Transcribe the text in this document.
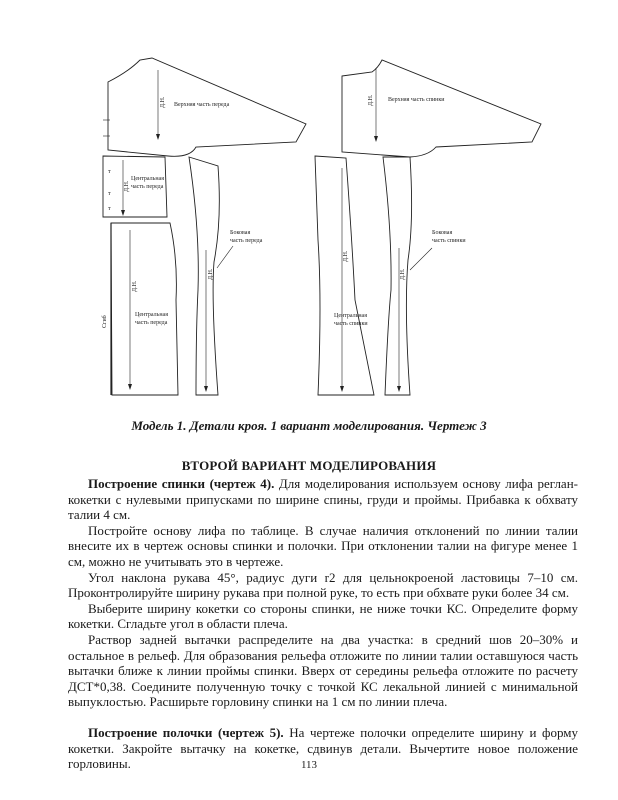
Верхняя часть переда
Верхняя часть спинки
Д.Н.	Д.Н.
Центральная
часть переда
Д.Н.
Боковая
часть переда
Д.Н.
Боковая
часть спинки
Д.Н.
Центральная
часть переда
Д.Н.
Сгиб	Центральная
часть спинки
Д.Н.
т
т
т
Модель 1. Детали кроя. 1 вариант моделирования. Чертеж 3
ВТОРОЙ ВАРИАНТ МОДЕЛИРОВАНИЯ

Построение спинки (чертеж 4). Для моделирования используем основу лифа реглан-кокетки с нулевыми припусками по ширине спины, груди и проймы. Прибавка к обхвату талии 4 см.

Постройте основу лифа по таблице. В случае наличия отклонений по линии талии внесите их в чертеж основы спинки и полочки. При отклонении талии на фигуре менее 1 см, можно не учитывать это в чертеже.

Угол наклона рукава 45°, радиус дуги r2 для цельнокроеной ластовицы 7–10 см. Проконтролируйте ширину рукава при полной руке, то есть при обхвате руки более 34 см.

Выберите ширину кокетки со стороны спинки, не ниже точки КС. Определите форму кокетки. Сгладьте угол в области плеча.

Раствор задней вытачки распределите на два участка: в средний шов 20–30% и остальное в рельеф. Для образования рельефа отложите по линии талии оставшуюся часть вытачки ближе к линии проймы спинки. Вверх от середины рельефа отложите по расчету ДСТ*0,38. Соедините полученную точку с точкой КС лекальной линией с минимальной выпуклостью. Расширьте горловину спинки на 1 см по линии плеча.

Построение полочки (чертеж 5). На чертеже полочки определите ширину и форму кокетки. Закройте вытачку на кокетке, сдвинув детали. Вычертите новое положение горловины.	113
